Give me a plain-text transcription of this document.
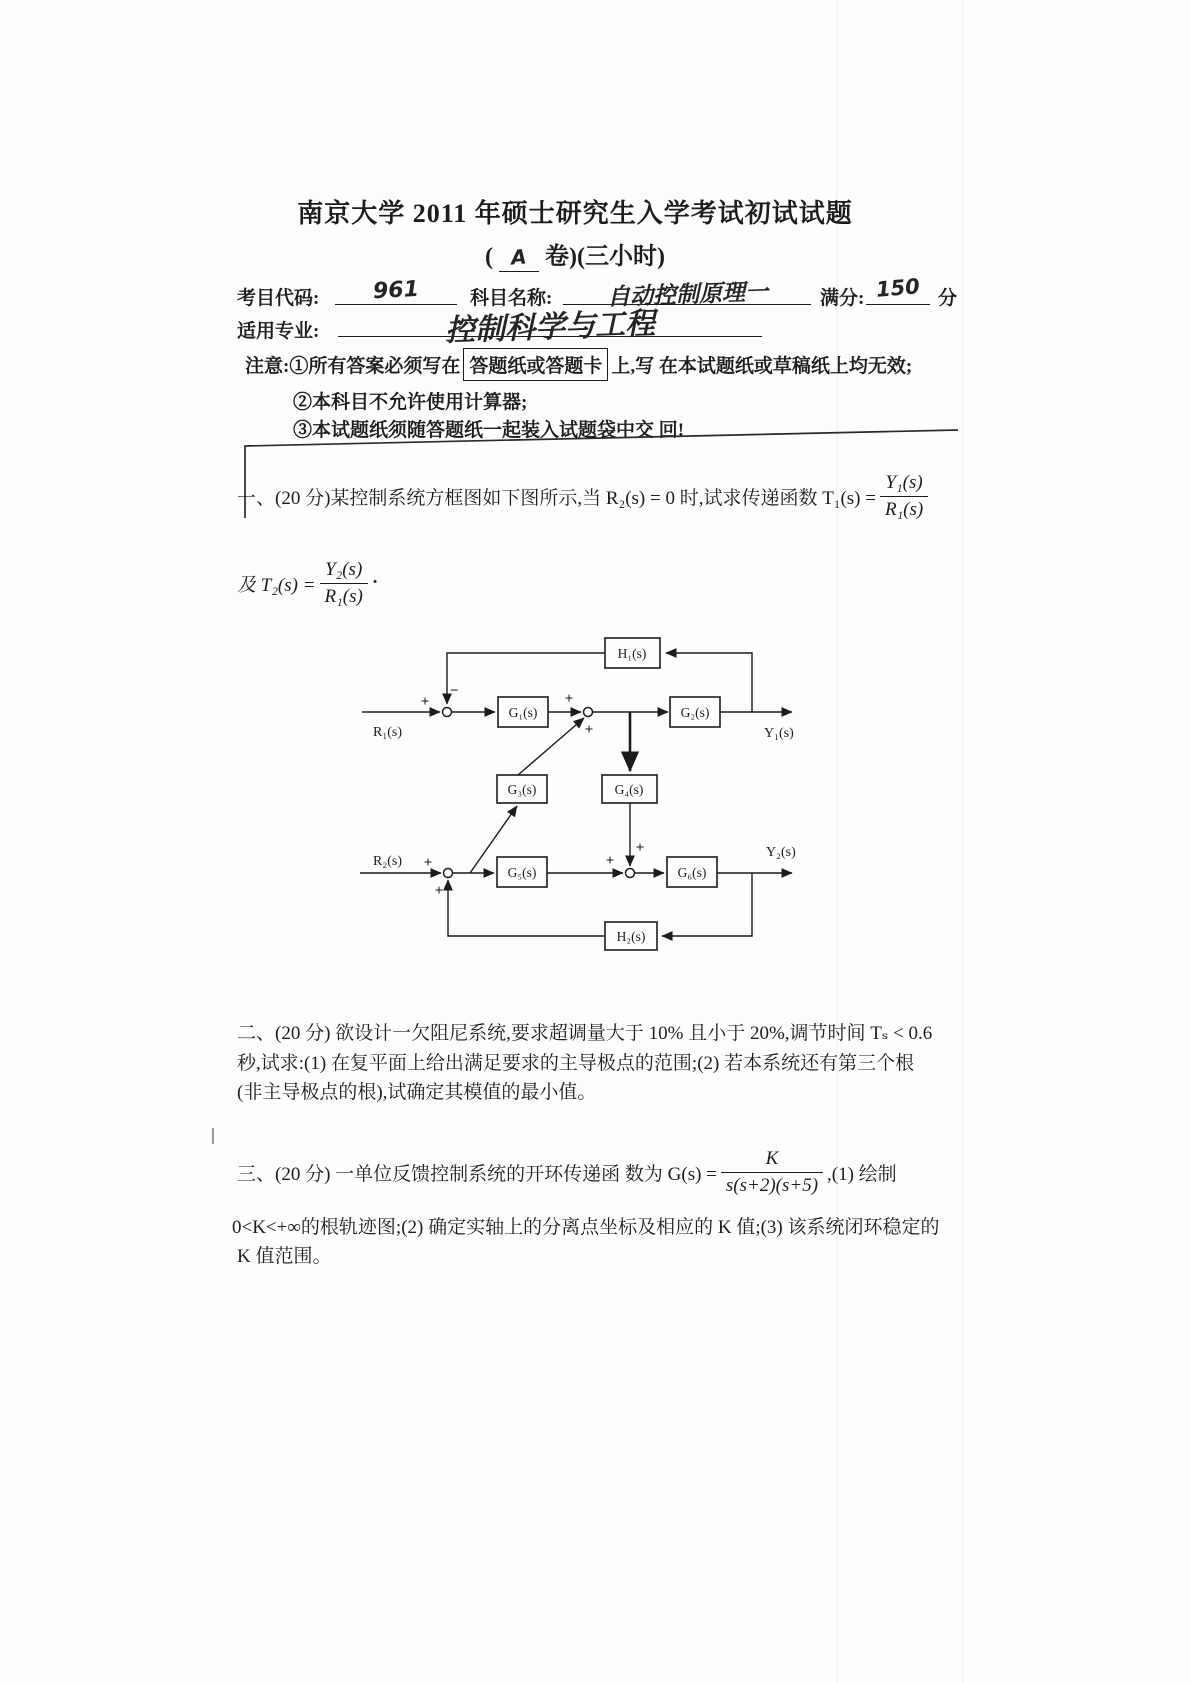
南京大学 2011 年硕士研究生入学考试初试试题
( A 卷)(三小时)
考目代码:	961	科目名称:	自动控制原理一	满分: 150 分
适用专业:	控制科学与工程
注意:①所有答案必须写在 答题纸或答题卡 上,写 在本试题纸或草稿纸上均无效;
②本科目不允许使用计算器;
③本试题纸须随答题纸一起装入试题袋中交 回!
一、(20 分)某控制系统方框图如下图所示,当 R₂(s) = 0 时,试求传递函数 $T_1(s) = \frac{\text{Y₁(s)}}{\text{R₁(s)}}$
及 $T_2(s) = \frac{\text{Y₂(s)}}{\text{R₁(s)}}$ ·
H₁(s)
G₁(s)	G₂(s)
G₃(s)	G₄(s)
G₅(s)	G₆(s)
H₂(s)
R₁(s)
R₂(s)
Y₁(s)
Y₂(s)
+
−	+
+
+
+
+
+
二、(20 分) 欲设计一欠阻尼系统,要求超调量大于 10% 且小于 20%,调节时间 Tₛ < 0.6
秒,试求:(1) 在复平面上给出满足要求的主导极点的范围;(2) 若本系统还有第三个根
(非主导极点的根),试确定其模值的最小值。
三、(20 分) 一单位反馈控制系统的开环传递函 数为 $G(s) = \frac{K}{s(s+2)(s+5)} ,(1)$ 绘制
0<K<+∞的根轨迹图;(2) 确定实轴上的分离点坐标及相应的 K 值;(3) 该系统闭环稳定的
K 值范围。
